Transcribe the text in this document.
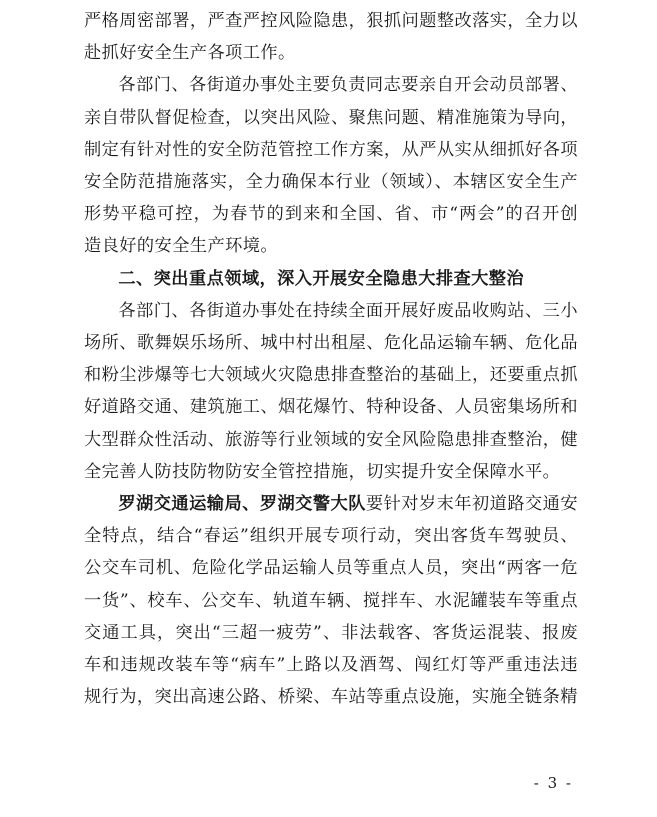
严格周密部署，严查严控风险隐患，狠抓问题整改落实，全力以赴抓好安全生产各项工作。

各部门、各街道办事处主要负责同志要亲自开会动员部署、亲自带队督促检查，以突出风险、聚焦问题、精准施策为导向，制定有针对性的安全防范管控工作方案，从严从实从细抓好各项安全防范措施落实，全力确保本行业（领域）、本辖区安全生产形势平稳可控，为春节的到来和全国、省、市“两会”的召开创造良好的安全生产环境。

二、突出重点领域，深入开展安全隐患大排查大整治

各部门、各街道办事处在持续全面开展好废品收购站、三小场所、歌舞娱乐场所、城中村出租屋、危化品运输车辆、危化品和粉尘涉爆等七大领域火灾隐患排查整治的基础上，还要重点抓好道路交通、建筑施工、烟花爆竹、特种设备、人员密集场所和大型群众性活动、旅游等行业领域的安全风险隐患排查整治，健全完善人防技防物防安全管控措施，切实提升安全保障水平。

罗湖交通运输局、罗湖交警大队要针对岁末年初道路交通安全特点，结合“春运”组织开展专项行动，突出客货车驾驶员、公交车司机、危险化学品运输人员等重点人员，突出“两客一危一货”、校车、公交车、轨道车辆、搅拌车、水泥罐装车等重点交通工具，突出“三超一疲劳”、非法载客、客货运混装、报废车和违规改装车等“病车”上路以及酒驾、闯红灯等严重违法违规行为，突出高速公路、桥梁、车站等重点设施，实施全链条精

- 3 -
